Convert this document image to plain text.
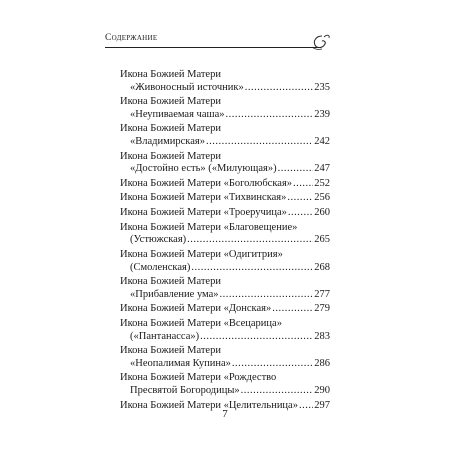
Содержание
Икона Божией Матери
«Живоносный источник» .....	235
Икона Божией Матери
«Неупиваемая чаша» .....	239
Икона Божией Матери
«Владимирская» .....	242
Икона Божией Матери
«Достойно есть» («Милующая») .....	247
Икона Божией Матери «Боголюбская» ..... 252
Икона Божией Матери «Тихвинская» .....	256
Икона Божией Матери «Троеручица» .....	260
Икона Божией Матери «Благовещение»
(Устюжская) .....	265
Икона Божией Матери «Одигитрия»
(Смоленская) .....	268
Икона Божией Матери
«Прибавление ума» .....	277
Икона Божией Матери «Донская» .....	279
Икона Божией Матери «Всецарица»
(«Пантанасса») .....	283
Икона Божией Матери
«Неопалимая Купина» .....	286
Икона Божией Матери «Рождество
Пресвятой Богородицы» .....	290
Икона Божией Матери «Целительница» ..... 297
7
